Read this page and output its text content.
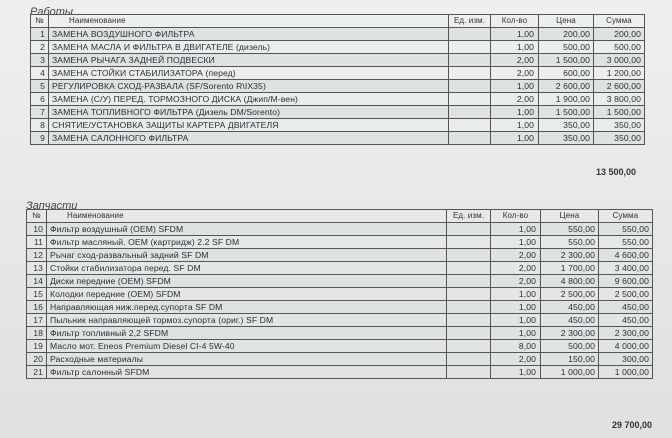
Работы
№	Наименование	Ед. изм.	Кол-во	Цена	Сумма
1	ЗАМЕНА ВОЗДУШНОГО ФИЛЬТРА		1,00	200,00	200,00
2	ЗАМЕНА МАСЛА И ФИЛЬТРА В ДВИГАТЕЛЕ (дизель)		1,00	500,00	500,00
3	ЗАМЕНА РЫЧАГА ЗАДНЕЙ ПОДВЕСКИ		2,00	1 500,00	3 000,00
4	ЗАМЕНА СТОЙКИ СТАБИЛИЗАТОРА (перед)		2,00	600,00	1 200,00
5	РЕГУЛИРОВКА СХОД-РАЗВАЛА (SF/Sorento R\IX35)		1,00	2 600,00	2 600,00
6	ЗАМЕНА (С/У) ПЕРЕД. ТОРМОЗНОГО ДИСКА (Джип/М-вен)		2,00	1 900,00	3 800,00
7	ЗАМЕНА ТОПЛИВНОГО ФИЛЬТРА (Дизель DM/Sorento)		1,00	1 500,00	1 500,00
8	СНЯТИЕ/УСТАНОВКА ЗАЩИТЫ КАРТЕРА ДВИГАТЕЛЯ		1,00	350,00	350,00
9	ЗАМЕНА САЛОННОГО ФИЛЬТРА		1,00	350,00	350,00
13 500,00
Запчасти
№	Наименование	Ед. изм.	Кол-во	Цена	Сумма
10	Фильтр воздушный (OEM) SFDM		1,00	550,00	550,00
11	Фильтр масляный. OEM (картридж) 2.2 SF DM		1,00	550,00	550,00
12	Рычаг сход-развальный задний SF DM		2,00	2 300,00	4 600,00
13	Стойки стабилизатора перед. SF DM		2,00	1 700,00	3 400,00
14	Диски передние (OEM) SFDM		2,00	4 800,00	9 600,00
15	Колодки передние (OEM) SFDM		1,00	2 500,00	2 500,00
16	Направляющая ниж.перед.супорта SF DM		1,00	450,00	450,00
17	Пыльник направляющей тормоз.супорта (ориг.) SF DM		1,00	450,00	450,00
18	Фильтр топливный 2,2 SFDM		1,00	2 300,00	2 300,00
19	Масло мот. Eneos Premium Diesel CI-4 5W-40		8,00	500,00	4 000,00
20	Расходные материалы		2,00	150,00	300,00
21	Фильтр салонный SFDM		1,00	1 000,00	1 000,00
29 700,00
